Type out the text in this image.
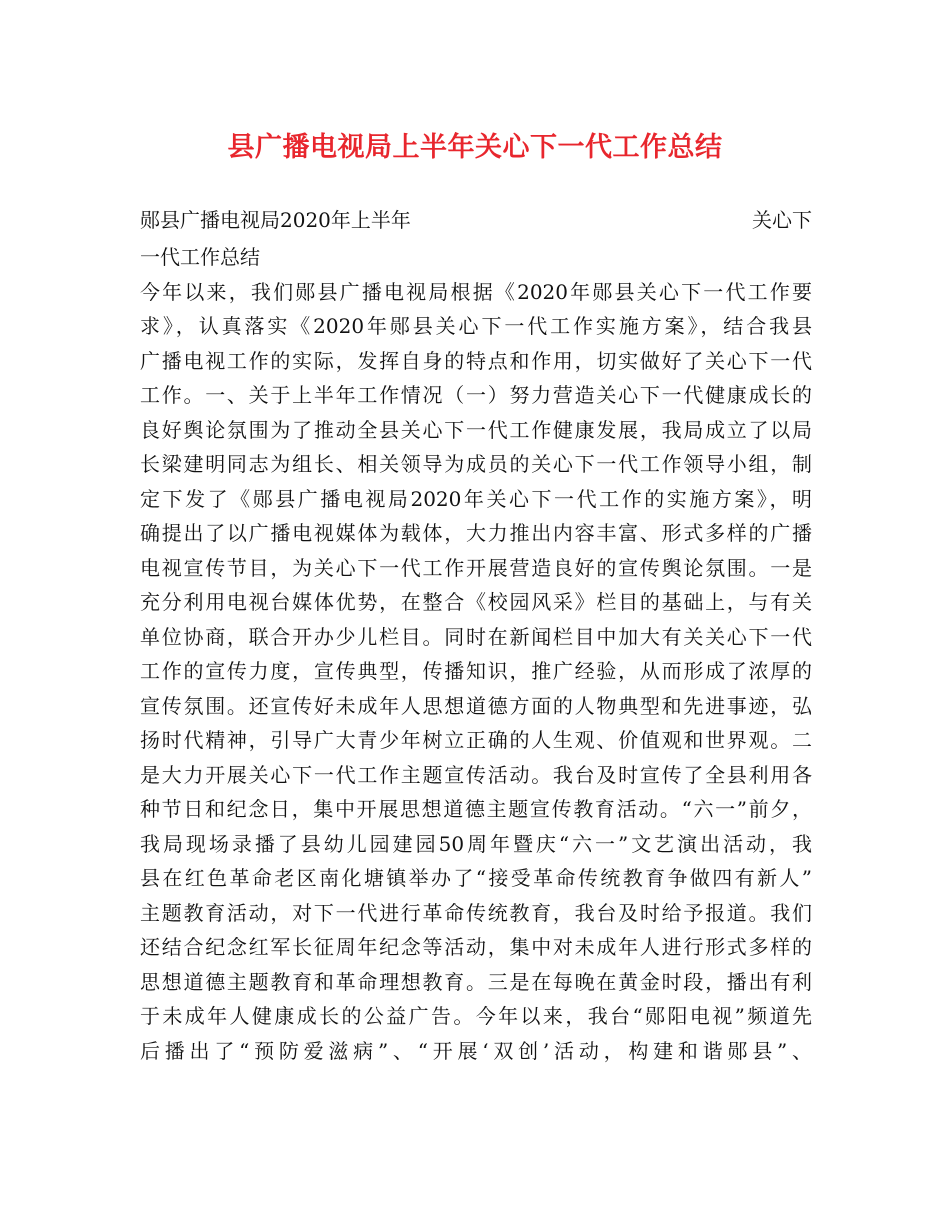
县广播电视局上半年关心下一代工作总结
郧县广播电视局2020年上半年	关心下
一代工作总结
今年以来，我们郧县广播电视局根据《2020年郧县关心下一代工作要
求》，认真落实《2020年郧县关心下一代工作实施方案》，结合我县
广播电视工作的实际，发挥自身的特点和作用，切实做好了关心下一代
工作。一、关于上半年工作情况（一）努力营造关心下一代健康成长的
良好舆论氛围为了推动全县关心下一代工作健康发展，我局成立了以局
长梁建明同志为组长、相关领导为成员的关心下一代工作领导小组，制
定下发了《郧县广播电视局2020年关心下一代工作的实施方案》，明
确提出了以广播电视媒体为载体，大力推出内容丰富、形式多样的广播
电视宣传节目，为关心下一代工作开展营造良好的宣传舆论氛围。一是
充分利用电视台媒体优势，在整合《校园风采》栏目的基础上，与有关
单位协商，联合开办少儿栏目。同时在新闻栏目中加大有关关心下一代
工作的宣传力度，宣传典型，传播知识，推广经验，从而形成了浓厚的
宣传氛围。还宣传好未成年人思想道德方面的人物典型和先进事迹，弘
扬时代精神，引导广大青少年树立正确的人生观、价值观和世界观。二
是大力开展关心下一代工作主题宣传活动。我台及时宣传了全县利用各
种节日和纪念日，集中开展思想道德主题宣传教育活动。“六一”前夕，
我局现场录播了县幼儿园建园50周年暨庆“六一”文艺演出活动，我
县在红色革命老区南化塘镇举办了“接受革命传统教育争做四有新人”
主题教育活动，对下一代进行革命传统教育，我台及时给予报道。我们
还结合纪念红军长征周年纪念等活动，集中对未成年人进行形式多样的
思想道德主题教育和革命理想教育。三是在每晚在黄金时段，播出有利
于未成年人健康成长的公益广告。今年以来，我台“郧阳电视”频道先
后播出了“预防爱滋病”、“开展‘双创’活动，构建和谐郧县”、
